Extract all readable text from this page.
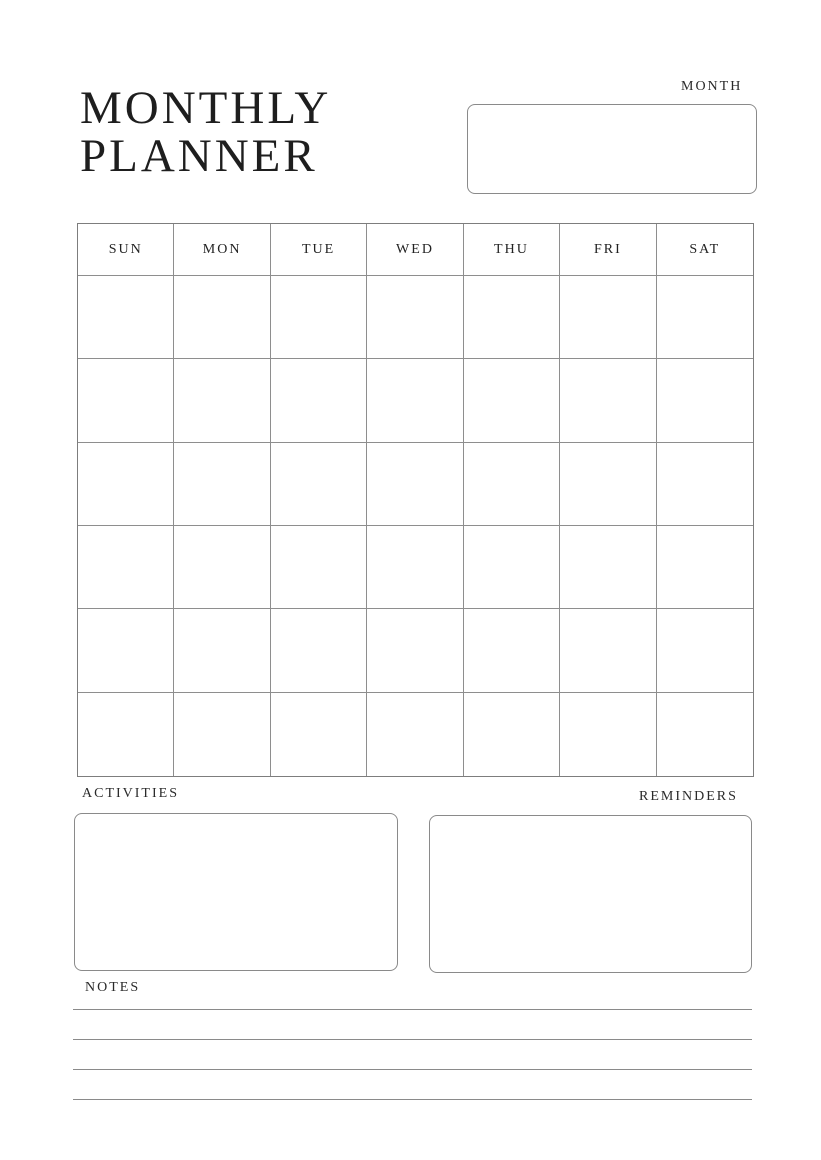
MONTHLY
PLANNER
MONTH
SUN	MON	TUE	WED	THU	FRI	SAT
ACTIVITIES	REMINDERS
NOTES
